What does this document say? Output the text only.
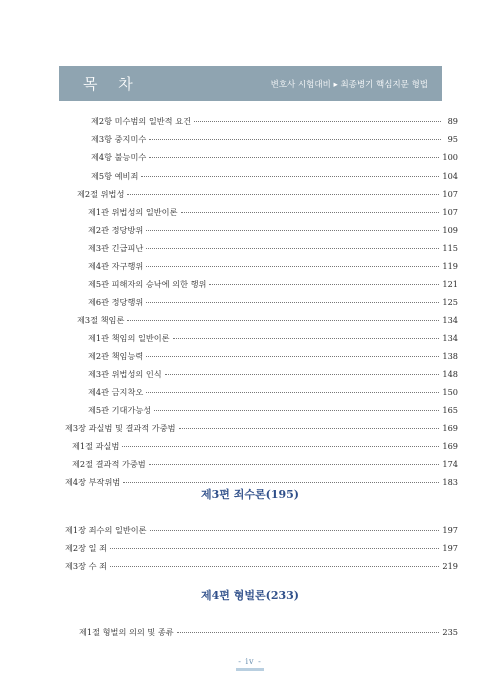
목 차	변호사 시험대비 ▸ 최종병기 핵심지문 형법
제2항 미수범의 일반적 요건	89
제3항 중지미수	95
제4항 불능미수	100
제5항 예비죄	104
제2절 위법성	107
제1관 위법성의 일반이론	107
제2관 정당방위	109
제3관 긴급피난	115
제4관 자구행위	119
제5관 피해자의 승낙에 의한 행위	121
제6관 정당행위	125
제3절 책임론	134
제1관 책임의 일반이론	134
제2관 책임능력	138
제3관 위법성의 인식	148
제4관 금지착오	150
제5관 기대가능성	165
제3장 과실범 및 결과적 가중범	169
제1절 과실범	169
제2절 결과적 가중범	174
제4장 부작위범	183
제3편 죄수론(195)
제1장 죄수의 일반이론	197
제2장 일 죄	197
제3장 수 죄	219
제4편 형벌론(233)
제1절 형벌의 의의 및 종류	235
- iv -
